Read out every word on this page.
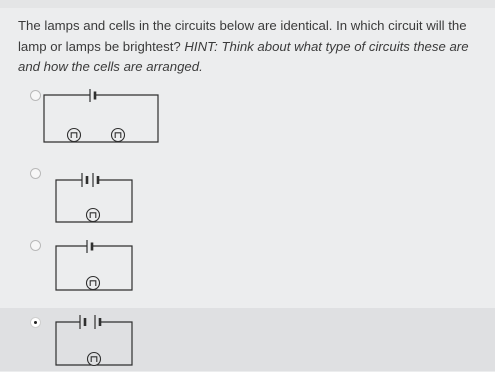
The lamps and cells in the circuits below are identical. In which circuit will the lamp or lamps be brightest? HINT: Think about what type of circuits these are and how the cells are arranged.
